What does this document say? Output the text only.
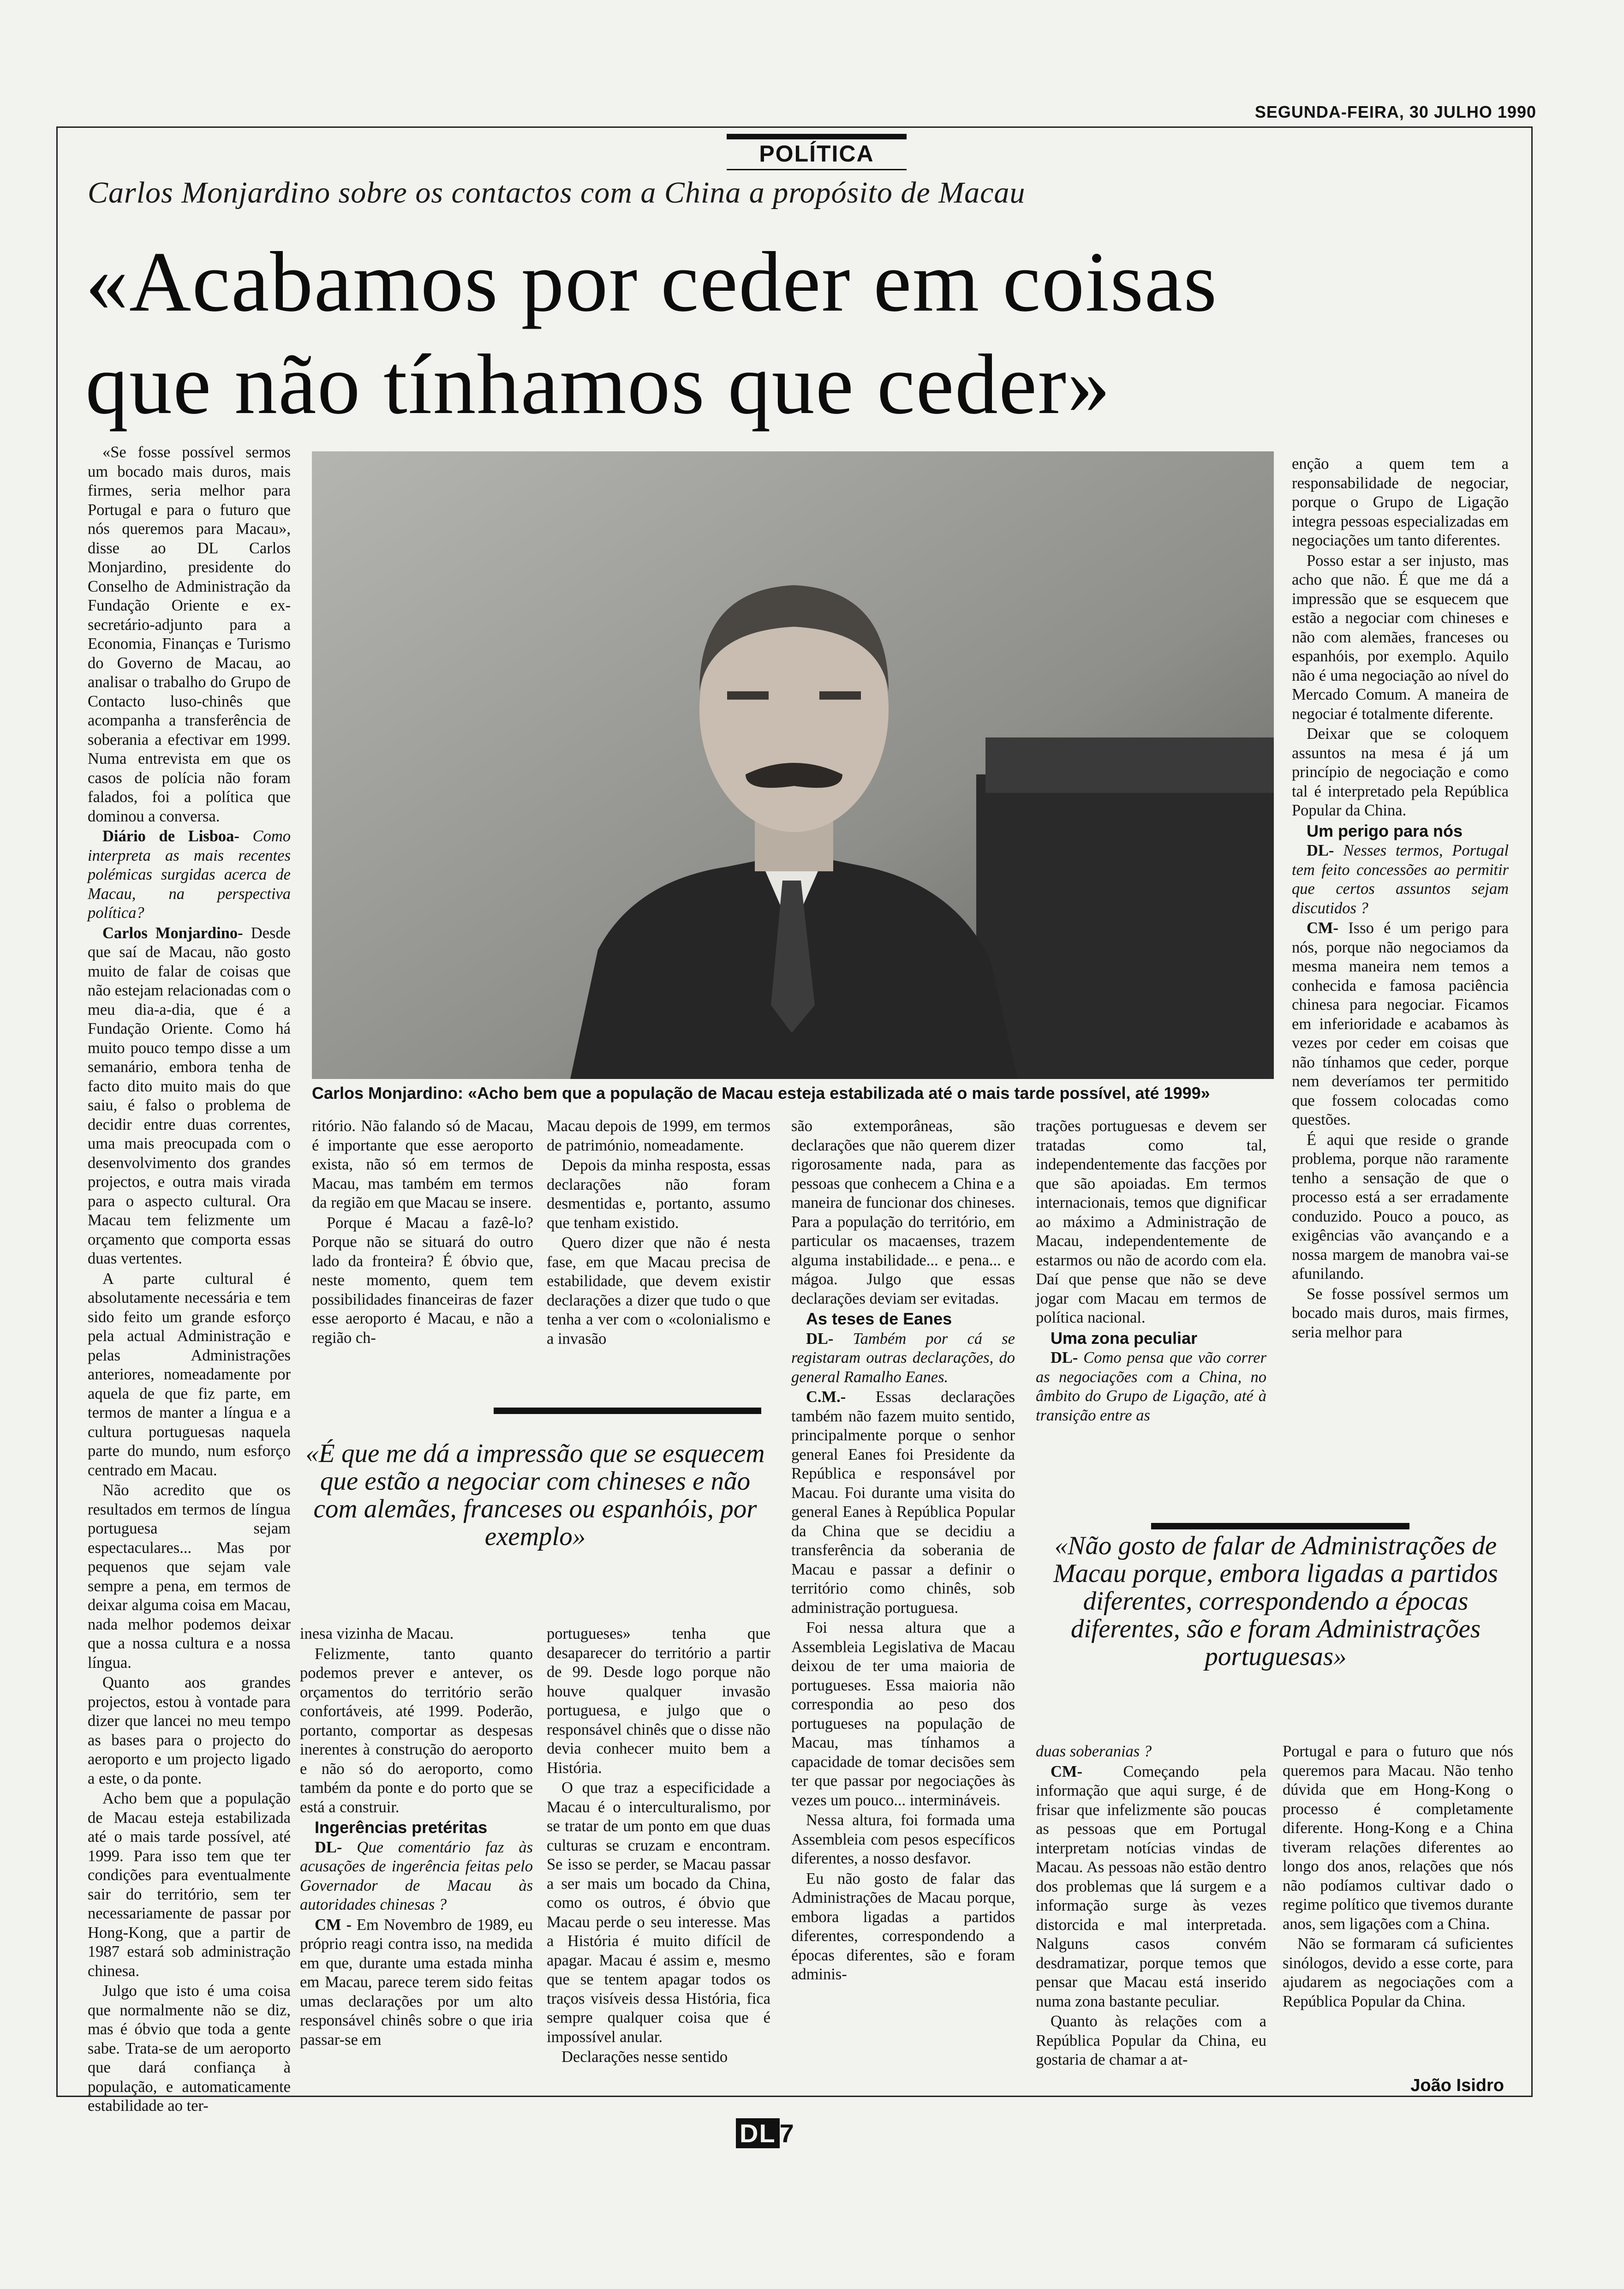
SEGUNDA-FEIRA, 30 JULHO 1990
POLÍTICA
Carlos Monjardino sobre os contactos com a China a propósito de Macau
«Acabamos por ceder em coisas
que não tínhamos que ceder»
Carlos Monjardino: «Acho bem que a população de Macau esteja estabilizada até o mais tarde possível, até 1999»

«Se fosse possível sermos um bocado mais duros, mais firmes, seria melhor para Portugal e para o futuro que nós queremos para Macau», disse ao DL Carlos Monjardino, presidente do Conselho de Administração da Fundação Oriente e ex-secretário-adjunto para a Economia, Finanças e Turismo do Governo de Macau, ao analisar o trabalho do Grupo de Contacto luso-chinês que acompanha a transferência de soberania a efectivar em 1999. Numa entrevista em que os casos de polícia não foram falados, foi a política que dominou a conversa.

Diário de Lisboa- Como interpreta as mais recentes polémicas surgidas acerca de Macau, na perspectiva política?

Carlos Monjardino- Desde que saí de Macau, não gosto muito de falar de coisas que não estejam relacionadas com o meu dia-a-dia, que é a Fundação Oriente. Como há muito pouco tempo disse a um semanário, embora tenha de facto dito muito mais do que saiu, é falso o problema de decidir entre duas correntes, uma mais preocupada com o desenvolvimento dos grandes projectos, e outra mais virada para o aspecto cultural. Ora Macau tem felizmente um orçamento que comporta essas duas vertentes.

A parte cultural é absolutamente necessária e tem sido feito um grande esforço pela actual Administração e pelas Administrações anteriores, nomeadamente por aquela de que fiz parte, em termos de manter a língua e a cultura portuguesas naquela parte do mundo, num esforço centrado em Macau.

Não acredito que os resultados em termos de língua portuguesa sejam espectaculares... Mas por pequenos que sejam vale sempre a pena, em termos de deixar alguma coisa em Macau, nada melhor podemos deixar que a nossa cultura e a nossa língua.

Quanto aos grandes projectos, estou à vontade para dizer que lancei no meu tempo as bases para o projecto do aeroporto e um projecto ligado a este, o da ponte.

Acho bem que a população de Macau esteja estabilizada até o mais tarde possível, até 1999. Para isso tem que ter condições para eventualmente sair do território, sem ter necessariamente de passar por Hong-Kong, que a partir de 1987 estará sob administração chinesa.

Julgo que isto é uma coisa que normalmente não se diz, mas é óbvio que toda a gente sabe. Trata-se de um aeroporto que dará confiança à população, e automaticamente estabilidade ao ter-

ritório. Não falando só de Macau, é importante que esse aeroporto exista, não só em termos de Macau, mas também em termos da região em que Macau se insere.

Porque é Macau a fazê-lo? Porque não se situará do outro lado da fronteira? É óbvio que, neste momento, quem tem possibilidades financeiras de fazer esse aeroporto é Macau, e não a região ch-

Macau depois de 1999, em termos de património, nomeadamente.

Depois da minha resposta, essas declarações não foram desmentidas e, portanto, assumo que tenham existido.

Quero dizer que não é nesta fase, em que Macau precisa de estabilidade, que devem existir declarações a dizer que tudo o que tenha a ver com o «colonialismo e a invasão

«É que me dá a impressão que se esquecem que estão a negociar com chineses e não com alemães, franceses ou espanhóis, por exemplo»

inesa vizinha de Macau.

Felizmente, tanto quanto podemos prever e antever, os orçamentos do território serão confortáveis, até 1999. Poderão, portanto, comportar as despesas inerentes à construção do aeroporto e não só do aeroporto, como também da ponte e do porto que se está a construir.

Ingerências pretéritas

DL- Que comentário faz às acusações de ingerência feitas pelo Governador de Macau às autoridades chinesas ?

CM - Em Novembro de 1989, eu próprio reagi contra isso, na medida em que, durante uma estada minha em Macau, parece terem sido feitas umas declarações por um alto responsável chinês sobre o que iria passar-se em

portugueses» tenha que desaparecer do território a partir de 99. Desde logo porque não houve qualquer invasão portuguesa, e julgo que o responsável chinês que o disse não devia conhecer muito bem a História.

O que traz a especificidade a Macau é o interculturalismo, por se tratar de um ponto em que duas culturas se cruzam e encontram. Se isso se perder, se Macau passar a ser mais um bocado da China, como os outros, é óbvio que Macau perde o seu interesse. Mas a História é muito difícil de apagar. Macau é assim e, mesmo que se tentem apagar todos os traços visíveis dessa História, fica sempre qualquer coisa que é impossível anular.

Declarações nesse sentido

são extemporâneas, são declarações que não querem dizer rigorosamente nada, para as pessoas que conhecem a China e a maneira de funcionar dos chineses. Para a população do território, em particular os macaenses, trazem alguma instabilidade... e pena... e mágoa. Julgo que essas declarações deviam ser evitadas.

As teses de Eanes

DL- Também por cá se registaram outras declarações, do general Ramalho Eanes.

C.M.- Essas declarações também não fazem muito sentido, principalmente porque o senhor general Eanes foi Presidente da República e responsável por Macau. Foi durante uma visita do general Eanes à República Popular da China que se decidiu a transferência da soberania de Macau e passar a definir o território como chinês, sob administração portuguesa.

Foi nessa altura que a Assembleia Legislativa de Macau deixou de ter uma maioria de portugueses. Essa maioria não correspondia ao peso dos portugueses na população de Macau, mas tínhamos a capacidade de tomar decisões sem ter que passar por negociações às vezes um pouco... intermináveis.

Nessa altura, foi formada uma Assembleia com pesos específicos diferentes, a nosso desfavor.

Eu não gosto de falar das Administrações de Macau porque, embora ligadas a partidos diferentes, correspondendo a épocas diferentes, são e foram adminis-

trações portuguesas e devem ser tratadas como tal, independentemente das facções por que são apoiadas. Em termos internacionais, temos que dignificar ao máximo a Administração de Macau, independentemente de estarmos ou não de acordo com ela. Daí que pense que não se deve jogar com Macau em termos de política nacional.

Uma zona peculiar

DL- Como pensa que vão correr as negociações com a China, no âmbito do Grupo de Ligação, até à transição entre as

«Não gosto de falar de Administrações de Macau porque, embora ligadas a partidos diferentes, correspondendo a épocas diferentes, são e foram Administrações portuguesas»

duas soberanias ?

CM- Começando pela informação que aqui surge, é de frisar que infelizmente são poucas as pessoas que em Portugal interpretam notícias vindas de Macau. As pessoas não estão dentro dos problemas que lá surgem e a informação surge às vezes distorcida e mal interpretada. Nalguns casos convém desdramatizar, porque temos que pensar que Macau está inserido numa zona bastante peculiar.

Quanto às relações com a República Popular da China, eu gostaria de chamar a at-

enção a quem tem a responsabilidade de negociar, porque o Grupo de Ligação integra pessoas especializadas em negociações um tanto diferentes.

Posso estar a ser injusto, mas acho que não. É que me dá a impressão que se esquecem que estão a negociar com chineses e não com alemães, franceses ou espanhóis, por exemplo. Aquilo não é uma negociação ao nível do Mercado Comum. A maneira de negociar é totalmente diferente.

Deixar que se coloquem assuntos na mesa é já um princípio de negociação e como tal é interpretado pela República Popular da China.

Um perigo para nós

DL- Nesses termos, Portugal tem feito concessões ao permitir que certos assuntos sejam discutidos ?

CM- Isso é um perigo para nós, porque não negociamos da mesma maneira nem temos a conhecida e famosa paciência chinesa para negociar. Ficamos em inferioridade e acabamos às vezes por ceder em coisas que não tínhamos que ceder, porque nem deveríamos ter permitido que fossem colocadas como questões.

É aqui que reside o grande problema, porque não raramente tenho a sensação de que o processo está a ser erradamente conduzido. Pouco a pouco, as exigências vão avançando e a nossa margem de manobra vai-se afunilando.

Se fosse possível sermos um bocado mais duros, mais firmes, seria melhor para

Portugal e para o futuro que nós queremos para Macau. Não tenho dúvida que em Hong-Kong o processo é completamente diferente. Hong-Kong e a China tiveram relações diferentes ao longo dos anos, relações que nós não podíamos cultivar dado o regime político que tivemos durante anos, sem ligações com a China.

Não se formaram cá suficientes sinólogos, devido a esse corte, para ajudarem as negociações com a República Popular da China.

João Isidro
DL 7
